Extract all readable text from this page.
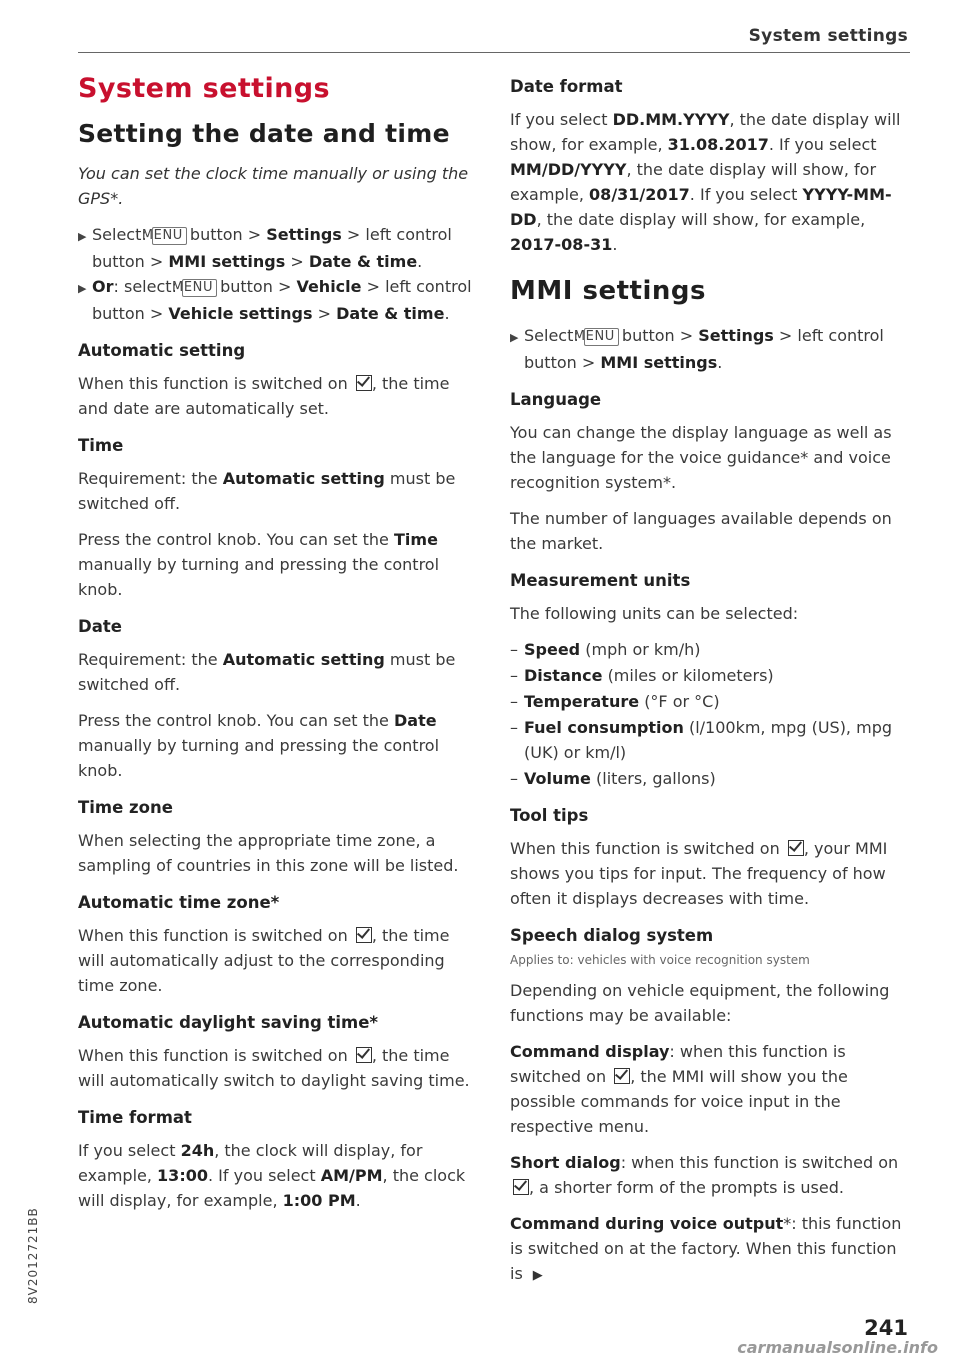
System settings
System settings
Setting the date and time

You can set the clock time manually or using the GPS*.

▶ Select: MENU button > Settings > left control button > MMI settings > Date & time.

▶ Or: select: MENU button > Vehicle > left control button > Vehicle settings > Date & time.

Automatic setting

When this function is switched on , the time and date are automatically set.

Time

Requirement: the Automatic setting must be switched off.

Press the control knob. You can set the Time manually by turning and pressing the control knob.

Date

Requirement: the Automatic setting must be switched off.

Press the control knob. You can set the Date manually by turning and pressing the control knob.

Time zone

When selecting the appropriate time zone, a sampling of countries in this zone will be listed.

Automatic time zone*

When this function is switched on , the time will automatically adjust to the corresponding time zone.

Automatic daylight saving time*

When this function is switched on , the time will automatically switch to daylight saving time.

Time format

If you select 24h, the clock will display, for example, 13:00. If you select AM/PM, the clock will display, for example, 1:00 PM.

Date format

If you select DD.MM.YYYY, the date display will show, for example, 31.08.2017. If you select MM/DD/YYYY, the date display will show, for example, 08/31/2017. If you select YYYY-MM-DD, the date display will show, for example, 2017-08-31.

MMI settings

▶ Select: MENU button > Settings > left control button > MMI settings.

Language

You can change the display language as well as the language for the voice guidance* and voice recognition system*.

The number of languages available depends on the market.

Measurement units

The following units can be selected:

– Speed (mph or km/h)
– Distance (miles or kilometers)
– Temperature (°F or °C)
– Fuel consumption (l/100km, mpg (US), mpg (UK) or km/l)
– Volume (liters, gallons)
Tool tips

When this function is switched on , your MMI shows you tips for input. The frequency of how often it displays decreases with time.

Speech dialog system

Applies to: vehicles with voice recognition system

Depending on vehicle equipment, the following functions may be available:

Command display: when this function is switched on , the MMI will show you the possible commands for voice input in the respective menu.

Short dialog: when this function is switched on , a shorter form of the prompts is used.

Command during voice output*: this function is switched on at the factory. When this function is ▶

8V2012721BB
241
carmanualsonline.info
